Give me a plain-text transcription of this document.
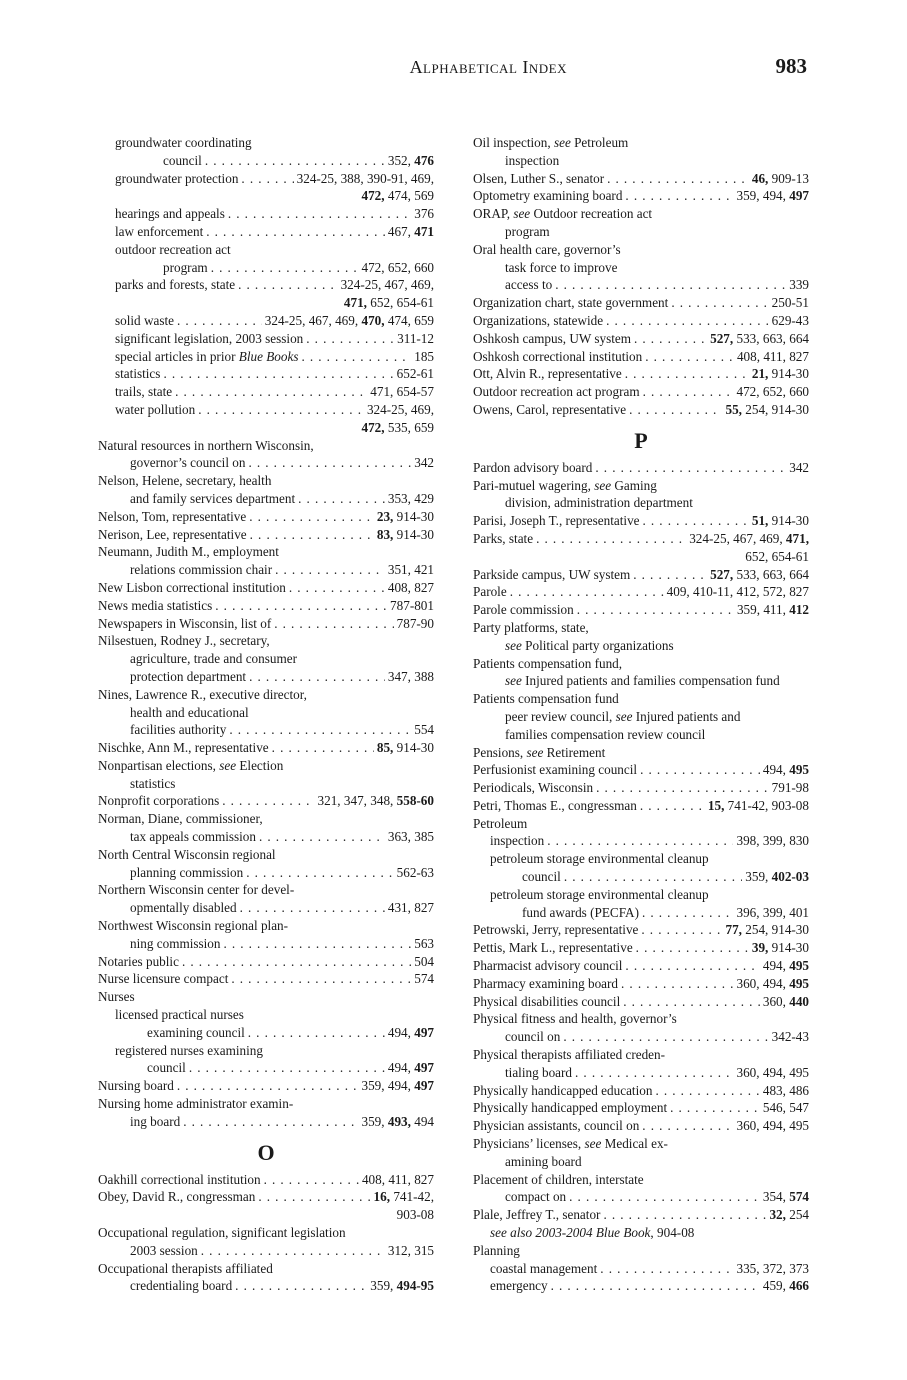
Alphabetical Index	983
groundwater coordinating
council . . .	352, 476
groundwater protection . . .	324-25, 388, 390-91, 469,
472, 474, 569
hearings and appeals . . .	376
law enforcement . . .	467, 471
outdoor recreation act
program . . .	472, 652, 660
parks and forests, state . . .	324-25, 467, 469,
471, 652, 654-61
solid waste . . .	324-25, 467, 469, 470, 474, 659
significant legislation, 2003 session . . .	311-12
special articles in prior Blue Books . . .	185
statistics . . .	652-61
trails, state . . .	471, 654-57
water pollution . . .	324-25, 469,
472, 535, 659
Natural resources in northern Wisconsin,
governor’s council on . . .	342
Nelson, Helene, secretary, health
and family services department . . .	353, 429
Nelson, Tom, representative . . .	23, 914-30
Nerison, Lee, representative . . .	83, 914-30
Neumann, Judith M., employment
relations commission chair . . .	351, 421
New Lisbon correctional institution . . .	408, 827
News media statistics . . .	787-801
Newspapers in Wisconsin, list of . . .	787-90
Nilsestuen, Rodney J., secretary,
agriculture, trade and consumer
protection department . . .	347, 388
Nines, Lawrence R., executive director,
health and educational
facilities authority . . .	554
Nischke, Ann M., representative . . .	85, 914-30
Nonpartisan elections, see Election
statistics
Nonprofit corporations . . .	321, 347, 348, 558-60
Norman, Diane, commissioner,
tax appeals commission . . .	363, 385
North Central Wisconsin regional
planning commission . . .	562-63
Northern Wisconsin center for devel-
opmentally disabled . . .	431, 827
Northwest Wisconsin regional plan-
ning commission . . .	563
Notaries public . . .	504
Nurse licensure compact . . .	574
Nurses
licensed practical nurses
examining council . . .	494, 497
registered nurses examining
council . . .	494, 497
Nursing board . . .	359, 494, 497
Nursing home administrator examin-
ing board . . .	359, 493, 494
O
Oakhill correctional institution . . .	408, 411, 827
Obey, David R., congressman . . .	16, 741-42,
903-08
Occupational regulation, significant legislation
2003 session . . .	312, 315
Occupational therapists affiliated
credentialing board . . .	359, 494-95
Oil inspection, see Petroleum
inspection
Olsen, Luther S., senator . . .	46, 909-13
Optometry examining board . . .	359, 494, 497
ORAP, see Outdoor recreation act
program
Oral health care, governor’s
task force to improve
access to . . .	339
Organization chart, state government . . .	250-51
Organizations, statewide . . .	629-43
Oshkosh campus, UW system . . .	527, 533, 663, 664
Oshkosh correctional institution . . .	408, 411, 827
Ott, Alvin R., representative . . .	21, 914-30
Outdoor recreation act program . . .	472, 652, 660
Owens, Carol, representative . . .	55, 254, 914-30
P
Pardon advisory board . . .	342
Pari-mutuel wagering, see Gaming
division, administration department
Parisi, Joseph T., representative . . .	51, 914-30
Parks, state . . .	324-25, 467, 469, 471,
652, 654-61
Parkside campus, UW system . . .	527, 533, 663, 664
Parole . . .	409, 410-11, 412, 572, 827
Parole commission . . .	359, 411, 412
Party platforms, state,
see Political party organizations
Patients compensation fund,
see Injured patients and families compensation fund
Patients compensation fund
peer review council, see Injured patients and
families compensation review council
Pensions, see Retirement
Perfusionist examining council . . .	494, 495
Periodicals, Wisconsin . . .	791-98
Petri, Thomas E., congressman . . .	15, 741-42, 903-08
Petroleum
inspection . . .	398, 399, 830
petroleum storage environmental cleanup
council . . .	359, 402-03
petroleum storage environmental cleanup
fund awards (PECFA) . . .	396, 399, 401
Petrowski, Jerry, representative . . .	77, 254, 914-30
Pettis, Mark L., representative . . .	39, 914-30
Pharmacist advisory council . . .	494, 495
Pharmacy examining board . . .	360, 494, 495
Physical disabilities council . . .	360, 440
Physical fitness and health, governor’s
council on . . .	342-43
Physical therapists affiliated creden-
tialing board . . .	360, 494, 495
Physically handicapped education . . .	483, 486
Physically handicapped employment . . .	546, 547
Physician assistants, council on . . .	360, 494, 495
Physicians’ licenses, see Medical ex-
amining board
Placement of children, interstate
compact on . . .	354, 574
Plale, Jeffrey T., senator . . .	32, 254
see also 2003-2004 Blue Book, 904-08
Planning
coastal management . . .	335, 372, 373
emergency . . .	459, 466
